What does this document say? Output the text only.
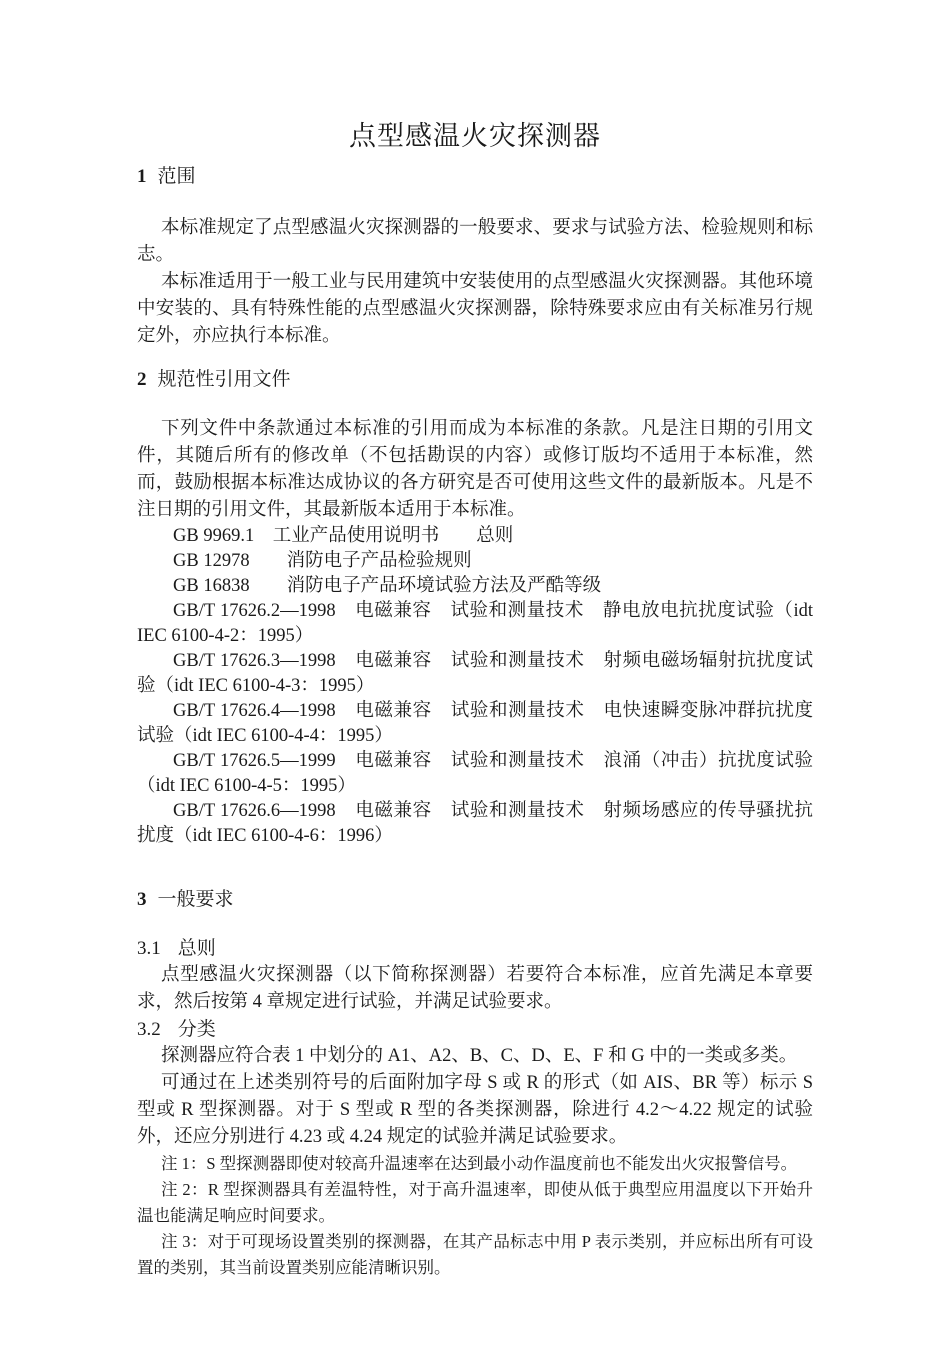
点型感温火灾探测器
1 范围

本标准规定了点型感温火灾探测器的一般要求、要求与试验方法、检验规则和标志。

本标准适用于一般工业与民用建筑中安装使用的点型感温火灾探测器。其他环境中安装的、具有特殊性能的点型感温火灾探测器，除特殊要求应由有关标准另行规定外，亦应执行本标准。

2 规范性引用文件

下列文件中条款通过本标准的引用而成为本标准的条款。凡是注日期的引用文件，其随后所有的修改单（不包括勘误的内容）或修订版均不适用于本标准，然而，鼓励根据本标准达成协议的各方研究是否可使用这些文件的最新版本。凡是不注日期的引用文件，其最新版本适用于本标准。

GB 9969.1　工业产品使用说明书　　总则

GB 12978　　消防电子产品检验规则

GB 16838　　消防电子产品环境试验方法及严酷等级

GB/T 17626.2—1998　电磁兼容　试验和测量技术　静电放电抗扰度试验（idt IEC 6100-4-2：1995）

GB/T 17626.3—1998　电磁兼容　试验和测量技术　射频电磁场辐射抗扰度试验（idt IEC 6100-4-3：1995）

GB/T 17626.4—1998　电磁兼容　试验和测量技术　电快速瞬变脉冲群抗扰度试验（idt IEC 6100-4-4：1995）

GB/T 17626.5—1999　电磁兼容　试验和测量技术　浪涌（冲击）抗扰度试验（idt IEC 6100-4-5：1995）

GB/T 17626.6—1998　电磁兼容　试验和测量技术　射频场感应的传导骚扰抗扰度（idt IEC 6100-4-6：1996）

3 一般要求
3.1 总则

点型感温火灾探测器（以下简称探测器）若要符合本标准，应首先满足本章要求，然后按第 4 章规定进行试验，并满足试验要求。

3.2 分类

探测器应符合表 1 中划分的 A1、A2、B、C、D、E、F 和 G 中的一类或多类。

可通过在上述类别符号的后面附加字母 S 或 R 的形式（如 AIS、BR 等）标示 S 型或 R 型探测器。对于 S 型或 R 型的各类探测器，除进行 4.2～4.22 规定的试验外，还应分别进行 4.23 或 4.24 规定的试验并满足试验要求。

注 1：S 型探测器即使对较高升温速率在达到最小动作温度前也不能发出火灾报警信号。

注 2：R 型探测器具有差温特性，对于高升温速率，即使从低于典型应用温度以下开始升温也能满足响应时间要求。

注 3：对于可现场设置类别的探测器，在其产品标志中用 P 表示类别，并应标出所有可设置的类别，其当前设置类别应能清晰识别。
